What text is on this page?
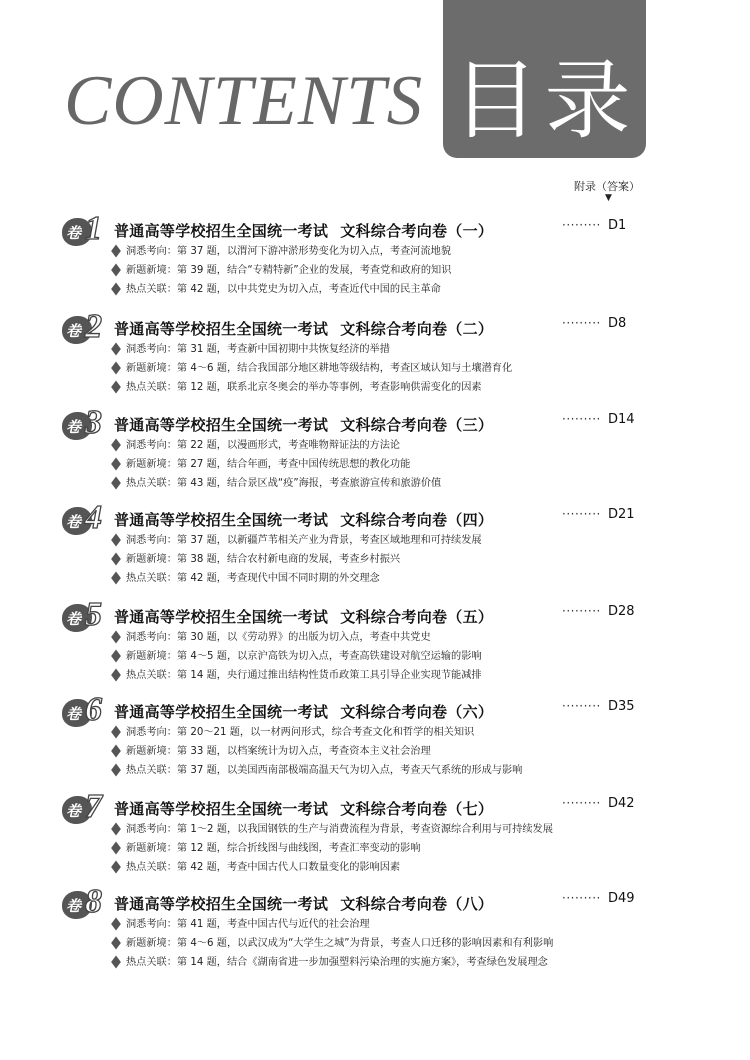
CONTENTS 目录
附录（答案）
▼
卷 1 普通高等学校招生全国统一考试 文科综合考向卷（一）	········· D1
洞悉考向：第 37 题，以渭河下游冲淤形势变化为切入点，考查河流地貌
新题新境：第 39 题，结合“专精特新”企业的发展，考查党和政府的知识
热点关联：第 42 题，以中共党史为切入点，考查近代中国的民主革命
卷 2 普通高等学校招生全国统一考试 文科综合考向卷（二）	········· D8
洞悉考向：第 31 题，考查新中国初期中共恢复经济的举措
新题新境：第 4～6 题，结合我国部分地区耕地等级结构，考查区域认知与土壤潜育化
热点关联：第 12 题，联系北京冬奥会的举办等事例，考查影响供需变化的因素
卷 3 普通高等学校招生全国统一考试 文科综合考向卷（三）	········· D14
洞悉考向：第 22 题，以漫画形式，考查唯物辩证法的方法论
新题新境：第 27 题，结合年画，考查中国传统思想的教化功能
热点关联：第 43 题，结合景区战“疫”海报，考查旅游宣传和旅游价值
卷 4 普通高等学校招生全国统一考试 文科综合考向卷（四）	········· D21
洞悉考向：第 37 题，以新疆芦苇相关产业为背景，考查区域地理和可持续发展
新题新境：第 38 题，结合农村新电商的发展，考查乡村振兴
热点关联：第 42 题，考查现代中国不同时期的外交理念
卷 5 普通高等学校招生全国统一考试 文科综合考向卷（五）	········· D28
洞悉考向：第 30 题，以《劳动界》的出版为切入点，考查中共党史
新题新境：第 4～5 题，以京沪高铁为切入点，考查高铁建设对航空运输的影响
热点关联：第 14 题，央行通过推出结构性货币政策工具引导企业实现节能减排
卷 6 普通高等学校招生全国统一考试 文科综合考向卷（六）	········· D35
洞悉考向：第 20～21 题，以一材两问形式，综合考查文化和哲学的相关知识
新题新境：第 33 题，以档案统计为切入点，考查资本主义社会治理
热点关联：第 37 题，以美国西南部极端高温天气为切入点，考查天气系统的形成与影响
卷 7 普通高等学校招生全国统一考试 文科综合考向卷（七）	········· D42
洞悉考向：第 1～2 题，以我国钢铁的生产与消费流程为背景，考查资源综合利用与可持续发展
新题新境：第 12 题，综合折线图与曲线图，考查汇率变动的影响
热点关联：第 42 题，考查中国古代人口数量变化的影响因素
卷 8 普通高等学校招生全国统一考试 文科综合考向卷（八）	········· D49
洞悉考向：第 41 题，考查中国古代与近代的社会治理
新题新境：第 4～6 题，以武汉成为“大学生之城”为背景，考查人口迁移的影响因素和有利影响
热点关联：第 14 题，结合《湖南省进一步加强塑料污染治理的实施方案》，考查绿色发展理念
